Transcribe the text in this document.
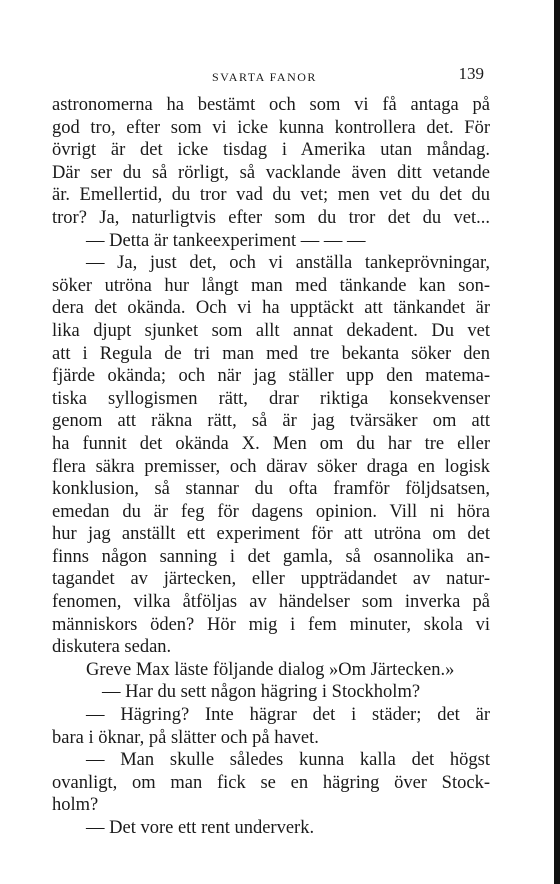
SVARTA FANOR	139
astronomerna ha bestämt och som vi få antaga på
god tro, efter som vi icke kunna kontrollera det. För
övrigt är det icke tisdag i Amerika utan måndag.
Där ser du så rörligt, så vacklande även ditt vetande
är. Emellertid, du tror vad du vet; men vet du det du
tror? Ja, naturligtvis efter som du tror det du vet...
— Detta är tankeexperiment — — —
— Ja, just det, och vi anställa tankeprövningar,
söker utröna hur långt man med tänkande kan son-
dera det okända. Och vi ha upptäckt att tänkandet är
lika djupt sjunket som allt annat dekadent. Du vet
att i Regula de tri man med tre bekanta söker den
fjärde okända; och när jag ställer upp den matema-
tiska syllogismen rätt, drar riktiga konsekvenser
genom att räkna rätt, så är jag tvärsäker om att
ha funnit det okända X. Men om du har tre eller
flera säkra premisser, och därav söker draga en logisk
konklusion, så stannar du ofta framför följdsatsen,
emedan du är feg för dagens opinion. Vill ni höra
hur jag anställt ett experiment för att utröna om det
finns någon sanning i det gamla, så osannolika an-
tagandet av järtecken, eller uppträdandet av natur-
fenomen, vilka åtföljas av händelser som inverka på
människors öden? Hör mig i fem minuter, skola vi
diskutera sedan.
Greve Max läste följande dialog »Om Järtecken.»
— Har du sett någon hägring i Stockholm?
— Hägring? Inte hägrar det i städer; det är
bara i öknar, på slätter och på havet.
— Man skulle således kunna kalla det högst
ovanligt, om man fick se en hägring över Stock-
holm?
— Det vore ett rent underverk.
